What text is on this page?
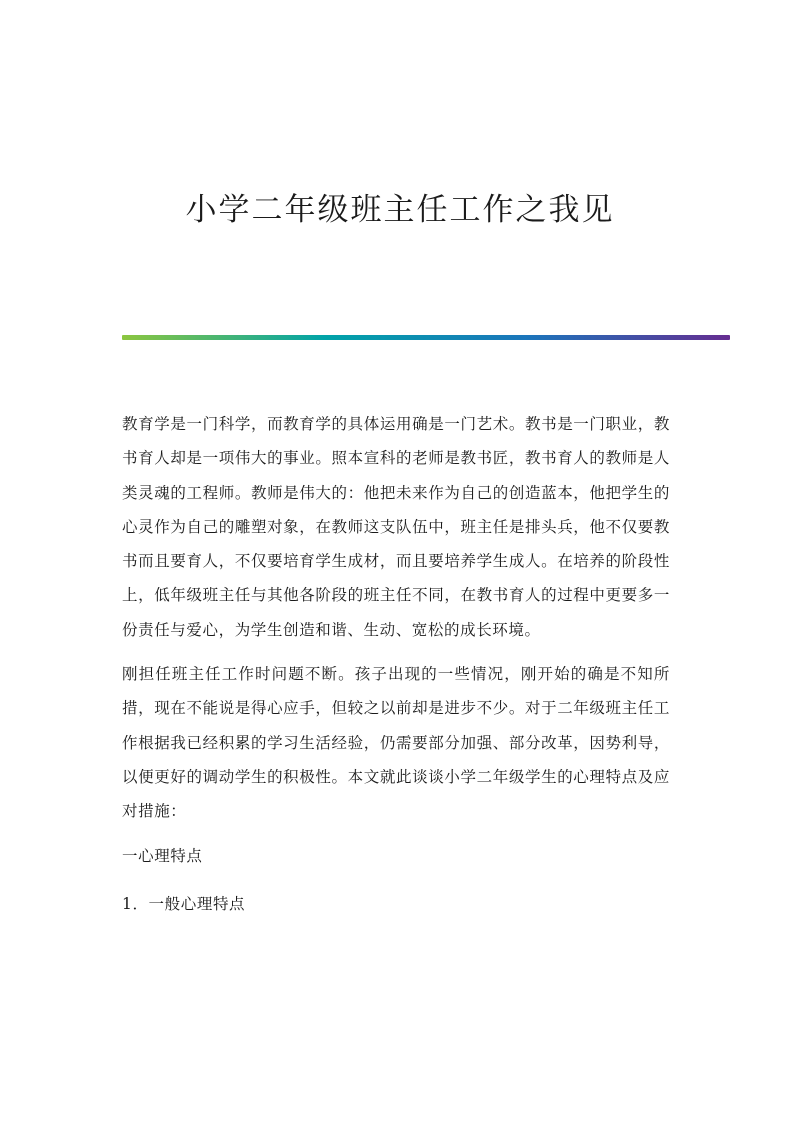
小学二年级班主任工作之我见

教育学是一门科学，而教育学的具体运用确是一门艺术。教书是一门职业，教书育人却是一项伟大的事业。照本宣科的老师是教书匠，教书育人的教师是人类灵魂的工程师。教师是伟大的：他把未来作为自己的创造蓝本，他把学生的心灵作为自己的雕塑对象，在教师这支队伍中，班主任是排头兵，他不仅要教书而且要育人，不仅要培育学生成材，而且要培养学生成人。在培养的阶段性上，低年级班主任与其他各阶段的班主任不同，在教书育人的过程中更要多一份责任与爱心，为学生创造和谐、生动、宽松的成长环境。

刚担任班主任工作时问题不断。孩子出现的一些情况，刚开始的确是不知所措，现在不能说是得心应手，但较之以前却是进步不少。对于二年级班主任工作根据我已经积累的学习生活经验，仍需要部分加强、部分改革，因势利导，以便更好的调动学生的积极性。本文就此谈谈小学二年级学生的心理特点及应对措施：

一心理特点

1．一般心理特点
